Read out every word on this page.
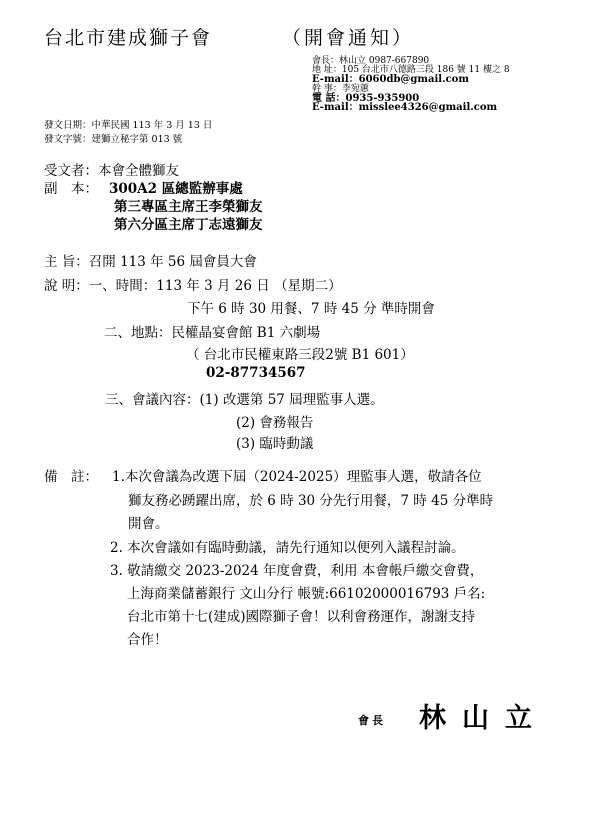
台北市建成獅子會	（開會通知）
會長：林山立 0987-667890
地 址：105 台北市八德路三段 186 號 11 樓之 8
E-mail：6060db@gmail.com
幹 事：李宛蕙
電 話：0935-935900
E-mail：misslee4326@gmail.com
發文日期：中華民國 113 年 3 月 13 日
發文字號：建獅立秘字第 013 號
受文者：本會全體獅友
副　本： 300A2 區總監辦事處
第三專區主席王李榮獅友
第六分區主席丁志遠獅友
主 旨：召開 113 年 56 屆會員大會
說 明：一、時間：113 年 3 月 26 日 （星期二）
下午 6 時 30 用餐、7 時 45 分 準時開會
二、地點：民權晶宴會館 B1 六劇場
（ 台北市民權東路三段2號 B1 601）
02-87734567
三、會議內容：(1) 改選第 57 屆理監事人選。
(2) 會務報告
(3) 臨時動議
備　註： 1.本次會議為改選下屆（2024-2025）理監事人選，敬請各位
獅友務必踴躍出席，於 6 時 30 分先行用餐，7 時 45 分準時
開會。
2. 本次會議如有臨時動議，請先行通知以便列入議程討論。
3. 敬請繳交 2023-2024 年度會費，利用 本會帳戶繳交會費，
上海商業儲蓄銀行 文山分行 帳號:66102000016793 戶名:
台北市第十七(建成)國際獅子會！以利會務運作，謝謝支持
合作！
會長 林山立
